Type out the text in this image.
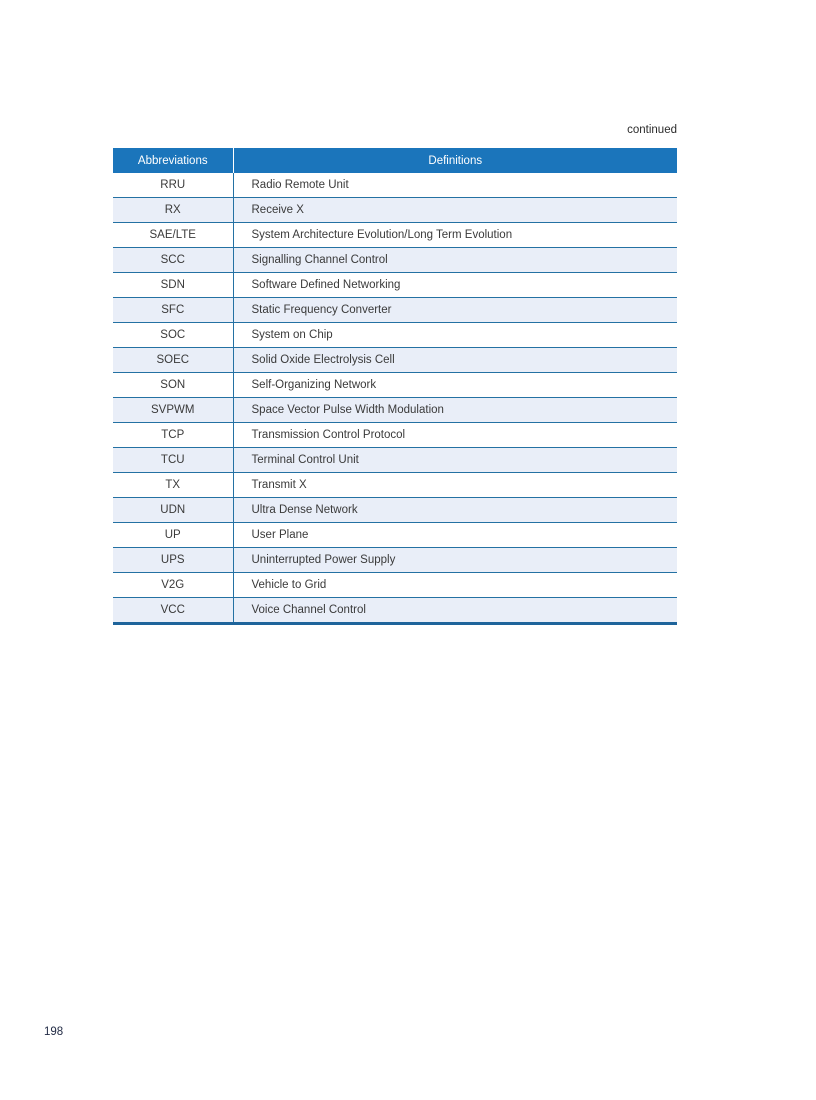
continued
Abbreviations	Definitions
RRU	Radio Remote Unit
RX	Receive X
SAE/LTE	System Architecture Evolution/Long Term Evolution
SCC	Signalling Channel Control
SDN	Software Defined Networking
SFC	Static Frequency Converter
SOC	System on Chip
SOEC	Solid Oxide Electrolysis Cell
SON	Self-Organizing Network
SVPWM	Space Vector Pulse Width Modulation
TCP	Transmission Control Protocol
TCU	Terminal Control Unit
TX	Transmit X
UDN	Ultra Dense Network
UP	User Plane
UPS	Uninterrupted Power Supply
V2G	Vehicle to Grid
VCC	Voice Channel Control
198
